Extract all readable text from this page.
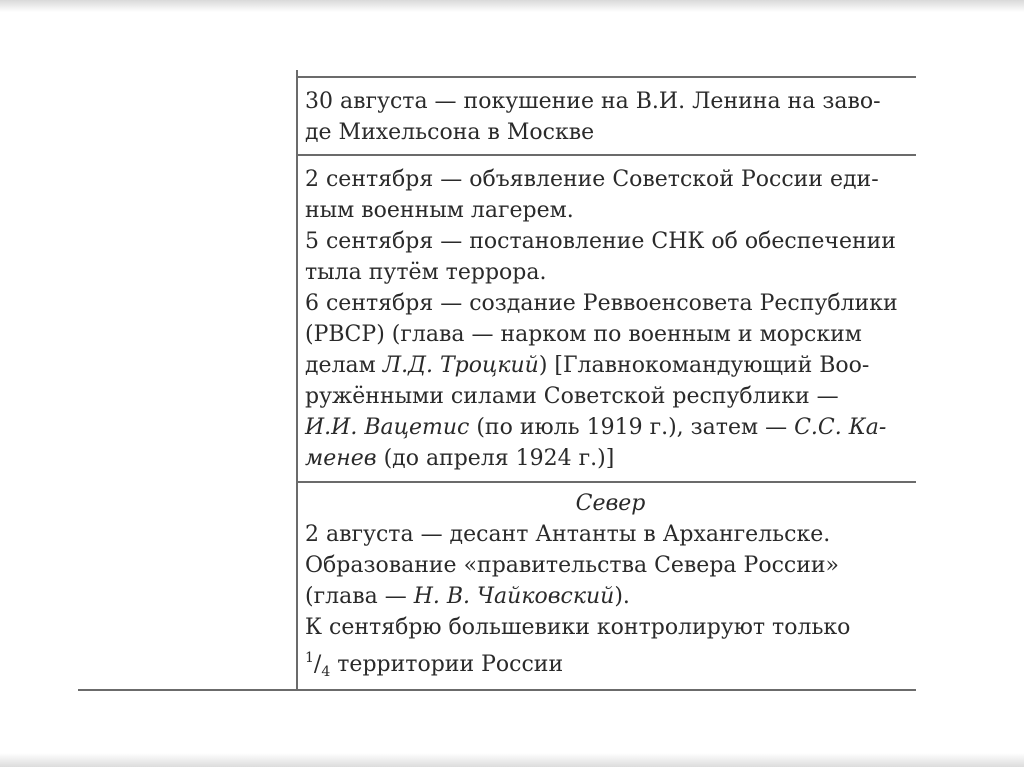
30 августа — покушение на В.И. Ленина на заво-

де Михельсона в Москве

2 сентября — объявление Советской России еди-

ным военным лагерем.

5 сентября — постановление СНК об обеспечении

тыла путём террора.

6 сентября — создание Реввоенсовета Республики

(РВСР) (глава — нарком по военным и морским

делам Л.Д. Троцкий) [Главнокомандующий Воо-

ружёнными силами Советской республики —

И.И. Вацетис (по июль 1919 г.), затем — С.С. Ка-

менев (до апреля 1924 г.)]

Север

2 августа — десант Антанты в Архангельске.

Образование «правительства Севера России»

(глава — Н. В. Чайковский).

К сентябрю большевики контролируют только

$^1/_4$ территории России
